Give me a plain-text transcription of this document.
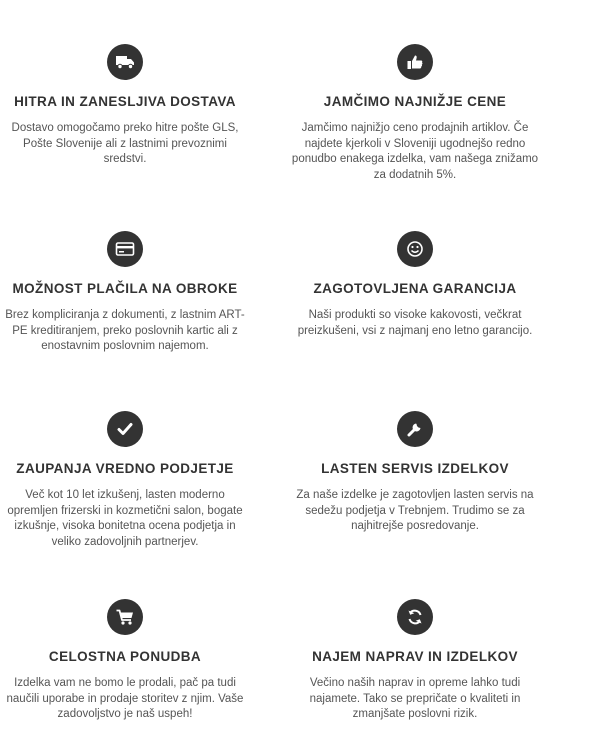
HITRA IN ZANESLJIVA DOSTAVA
Dostavo omogočamo preko hitre pošte GLS, Pošte Slovenije ali z lastnimi prevoznimi sredstvi.
JAMČIMO NAJNIŽJE CENE
Jamčimo najnižjo ceno prodajnih artiklov. Če najdete kjerkoli v Sloveniji ugodnejšo redno ponudbo enakega izdelka, vam našega znižamo za dodatnih 5%.
MOŽNOST PLAČILA NA OBROKE
Brez kompliciranja z dokumenti, z lastnim ART-PE kreditiranjem, preko poslovnih kartic ali z enostavnim poslovnim najemom.
ZAGOTOVLJENA GARANCIJA
Naši produkti so visoke kakovosti, večkrat preizkušeni, vsi z najmanj eno letno garancijo.
ZAUPANJA VREDNO PODJETJE
Več kot 10 let izkušenj, lasten moderno opremljen frizerski in kozmetični salon, bogate izkušnje, visoka bonitetna ocena podjetja in veliko zadovoljnih partnerjev.
LASTEN SERVIS IZDELKOV
Za naše izdelke je zagotovljen lasten servis na sedežu podjetja v Trebnjem. Trudimo se za najhitrejše posredovanje.
CELOSTNA PONUDBA
Izdelka vam ne bomo le prodali, pač pa tudi naučili uporabe in prodaje storitev z njim. Vaše zadovoljstvo je naš uspeh!
NAJEM NAPRAV IN IZDELKOV
Večino naših naprav in opreme lahko tudi najamete. Tako se prepričate o kvaliteti in zmanjšate poslovni rizik.
